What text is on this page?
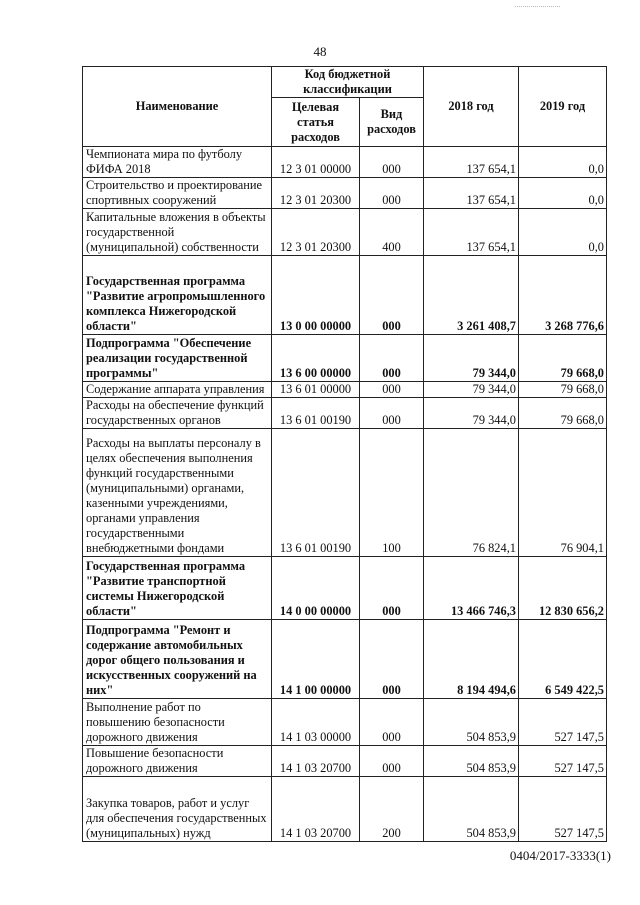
48
Наименование	Код бюджетной классификации		2018 год	2019 год
	Целевая статья расходов	Вид расходов		
Чемпионата мира по футболу ФИФА 2018	12 3 01 00000	000	137 654,1	0,0
Строительство и проектирование спортивных сооружений	12 3 01 20300	000	137 654,1	0,0
Капитальные вложения в объекты государственной (муниципальной) собственности	12 3 01 20300	400	137 654,1	0,0
Государственная программа "Развитие агропромышленного комплекса Нижегородской области"	13 0 00 00000	000	3 261 408,7	3 268 776,6
Подпрограмма "Обеспечение реализации государственной программы"	13 6 00 00000	000	79 344,0	79 668,0
Содержание аппарата управления	13 6 01 00000	000	79 344,0	79 668,0
Расходы на обеспечение функций государственных органов	13 6 01 00190	000	79 344,0	79 668,0
Расходы на выплаты персоналу в целях обеспечения выполнения функций государственными (муниципальными) органами, казенными учреждениями, органами управления государственными внебюджетными фондами	13 6 01 00190	100	76 824,1	76 904,1
Государственная программа "Развитие транспортной системы Нижегородской области"	14 0 00 00000	000	13 466 746,3	12 830 656,2
Подпрограмма "Ремонт и содержание автомобильных дорог общего пользования и искусственных сооружений на них"	14 1 00 00000	000	8 194 494,6	6 549 422,5
Выполнение работ по повышению безопасности дорожного движения	14 1 03 00000	000	504 853,9	527 147,5
Повышение безопасности дорожного движения	14 1 03 20700	000	504 853,9	527 147,5
Закупка товаров, работ и услуг для обеспечения государственных (муниципальных) нужд	14 1 03 20700	200	504 853,9	527 147,5
0404/2017-3333(1)
